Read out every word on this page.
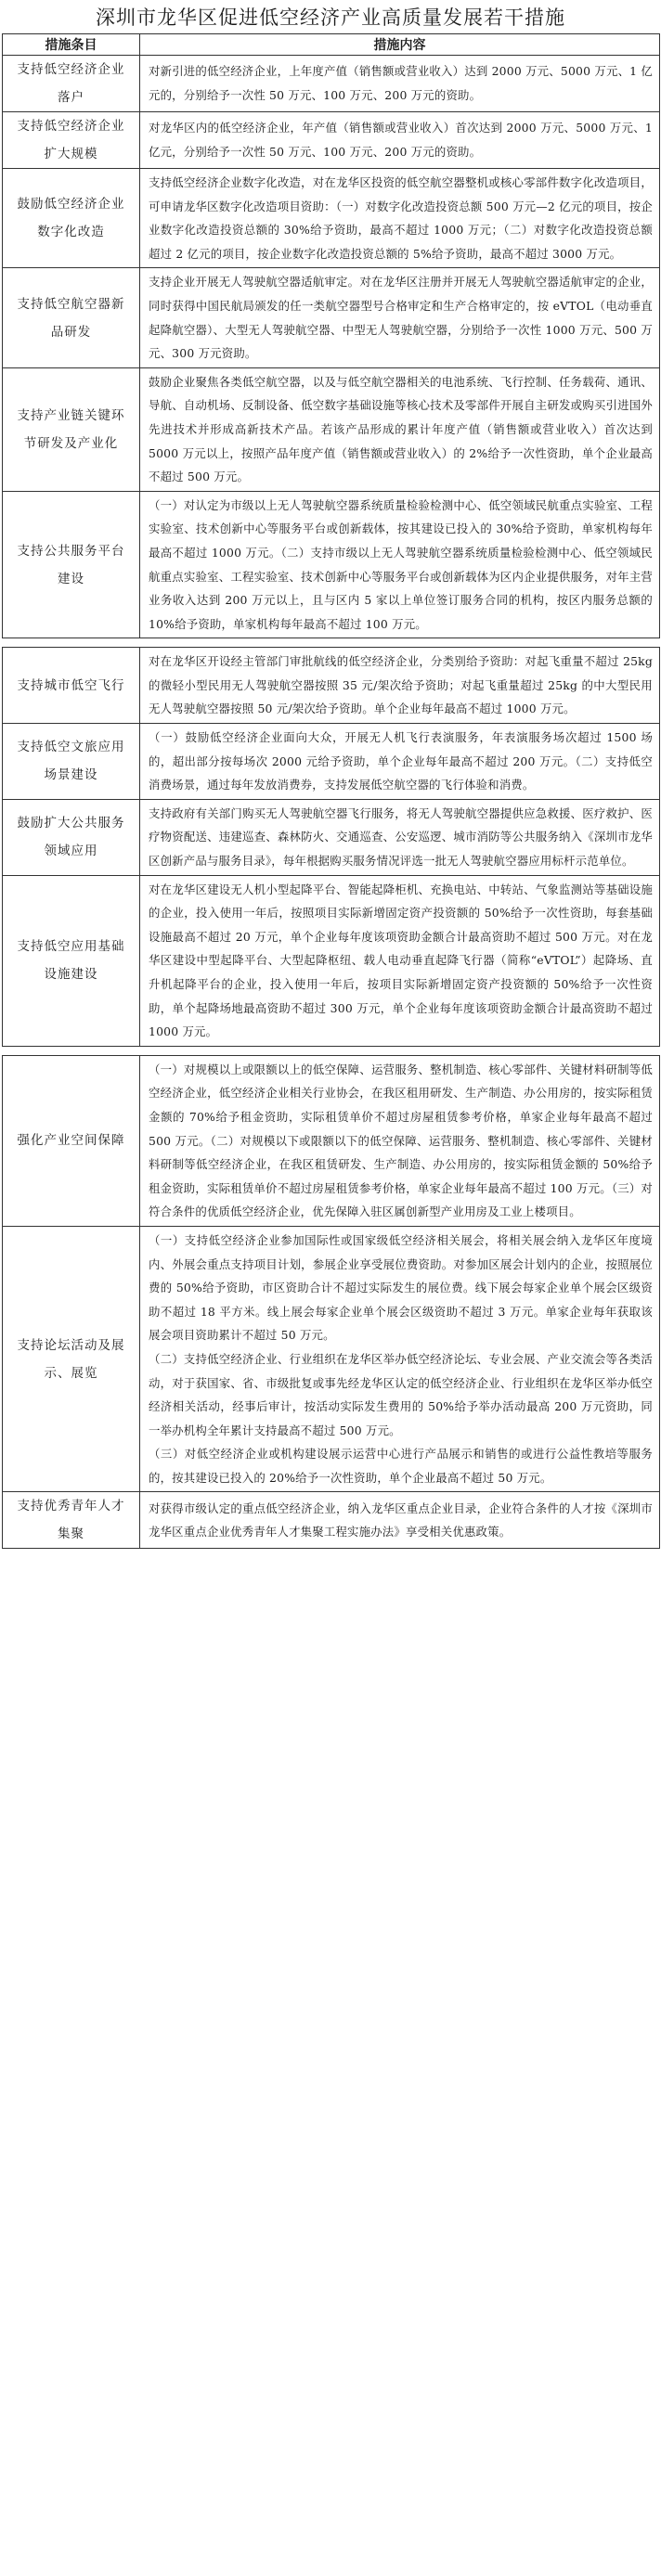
深圳市龙华区促进低空经济产业高质量发展若干措施
措施条目	措施内容
支持低空经济企业落户	对新引进的低空经济企业，上年度产值（销售额或营业收入）达到 2000 万元、5000 万元、1 亿元的，分别给予一次性 50 万元、100 万元、200 万元的资助。

支持低空经济企业扩大规模	对龙华区内的低空经济企业，年产值（销售额或营业收入）首次达到 2000 万元、5000 万元、1 亿元，分别给予一次性 50 万元、100 万元、200 万元的资助。

鼓励低空经济企业数字化改造	支持低空经济企业数字化改造，对在龙华区投资的低空航空器整机或核心零部件数字化改造项目，可申请龙华区数字化改造项目资助：（一）对数字化改造投资总额 500 万元—2 亿元的项目，按企业数字化改造投资总额的 30%给予资助，最高不超过 1000 万元；（二）对数字化改造投资总额超过 2 亿元的项目，按企业数字化改造投资总额的 5%给予资助，最高不超过 3000 万元。

支持低空航空器新品研发	支持企业开展无人驾驶航空器适航审定。对在龙华区注册并开展无人驾驶航空器适航审定的企业，同时获得中国民航局颁发的任一类航空器型号合格审定和生产合格审定的，按 eVTOL（电动垂直起降航空器）、大型无人驾驶航空器、中型无人驾驶航空器，分别给予一次性 1000 万元、500 万元、300 万元资助。

支持产业链关键环节研发及产业化	鼓励企业聚焦各类低空航空器，以及与低空航空器相关的电池系统、飞行控制、任务载荷、通讯、导航、自动机场、反制设备、低空数字基础设施等核心技术及零部件开展自主研发或购买引进国外先进技术并形成高新技术产品。若该产品形成的累计年度产值（销售额或营业收入）首次达到 5000 万元以上，按照产品年度产值（销售额或营业收入）的 2%给予一次性资助，单个企业最高不超过 500 万元。

支持公共服务平台建设	（一）对认定为市级以上无人驾驶航空器系统质量检验检测中心、低空领域民航重点实验室、工程实验室、技术创新中心等服务平台或创新载体，按其建设已投入的 30%给予资助，单家机构每年最高不超过 1000 万元。（二）支持市级以上无人驾驶航空器系统质量检验检测中心、低空领域民航重点实验室、工程实验室、技术创新中心等服务平台或创新载体为区内企业提供服务，对年主营业务收入达到 200 万元以上，且与区内 5 家以上单位签订服务合同的机构，按区内服务总额的 10%给予资助，单家机构每年最高不超过 100 万元。

支持城市低空飞行	对在龙华区开设经主管部门审批航线的低空经济企业，分类别给予资助：对起飞重量不超过 25kg 的微轻小型民用无人驾驶航空器按照 35 元/架次给予资助；对起飞重量超过 25kg 的中大型民用无人驾驶航空器按照 50 元/架次给予资助。单个企业每年最高不超过 1000 万元。

支持低空文旅应用场景建设	（一）鼓励低空经济企业面向大众，开展无人机飞行表演服务，年表演服务场次超过 1500 场的，超出部分按每场次 2000 元给予资助，单个企业每年最高不超过 200 万元。（二）支持低空消费场景，通过每年发放消费券，支持发展低空航空器的飞行体验和消费。

鼓励扩大公共服务领域应用	支持政府有关部门购买无人驾驶航空器飞行服务，将无人驾驶航空器提供应急救援、医疗救护、医疗物资配送、违建巡查、森林防火、交通巡查、公安巡逻、城市消防等公共服务纳入《深圳市龙华区创新产品与服务目录》，每年根据购买服务情况评选一批无人驾驶航空器应用标杆示范单位。

支持低空应用基础设施建设	对在龙华区建设无人机小型起降平台、智能起降柜机、充换电站、中转站、气象监测站等基础设施的企业，投入使用一年后，按照项目实际新增固定资产投资额的 50%给予一次性资助，每套基础设施最高不超过 20 万元，单个企业每年度该项资助金额合计最高资助不超过 500 万元。对在龙华区建设中型起降平台、大型起降枢纽、载人电动垂直起降飞行器（简称“eVTOL”）起降场、直升机起降平台的企业，投入使用一年后，按项目实际新增固定资产投资额的 50%给予一次性资助，单个起降场地最高资助不超过 300 万元，单个企业每年度该项资助金额合计最高资助不超过 1000 万元。

强化产业空间保障	（一）对规模以上或限额以上的低空保障、运营服务、整机制造、核心零部件、关键材料研制等低空经济企业，低空经济企业相关行业协会，在我区租用研发、生产制造、办公用房的，按实际租赁金额的 70%给予租金资助，实际租赁单价不超过房屋租赁参考价格，单家企业每年最高不超过 500 万元。（二）对规模以下或限额以下的低空保障、运营服务、整机制造、核心零部件、关键材料研制等低空经济企业，在我区租赁研发、生产制造、办公用房的，按实际租赁金额的 50%给予租金资助，实际租赁单价不超过房屋租赁参考价格，单家企业每年最高不超过 100 万元。（三）对符合条件的优质低空经济企业，优先保障入驻区属创新型产业用房及工业上楼项目。

支持论坛活动及展示、展览	（一）支持低空经济企业参加国际性或国家级低空经济相关展会，将相关展会纳入龙华区年度境内、外展会重点支持项目计划，参展企业享受展位费资助。对参加区展会计划内的企业，按照展位费的 50%给予资助，市区资助合计不超过实际发生的展位费。线下展会每家企业单个展会区级资助不超过 18 平方米。线上展会每家企业单个展会区级资助不超过 3 万元。单家企业每年获取该展会项目资助累计不超过 50 万元。

（二）支持低空经济企业、行业组织在龙华区举办低空经济论坛、专业会展、产业交流会等各类活动，对于获国家、省、市级批复或事先经龙华区认定的低空经济企业、行业组织在龙华区举办低空经济相关活动，经事后审计，按活动实际发生费用的 50%给予举办活动最高 200 万元资助，同一举办机构全年累计支持最高不超过 500 万元。

（三）对低空经济企业或机构建设展示运营中心进行产品展示和销售的或进行公益性教培等服务的，按其建设已投入的 20%给予一次性资助，单个企业最高不超过 50 万元。

支持优秀青年人才集聚	对获得市级认定的重点低空经济企业，纳入龙华区重点企业目录，企业符合条件的人才按《深圳市龙华区重点企业优秀青年人才集聚工程实施办法》享受相关优惠政策。
